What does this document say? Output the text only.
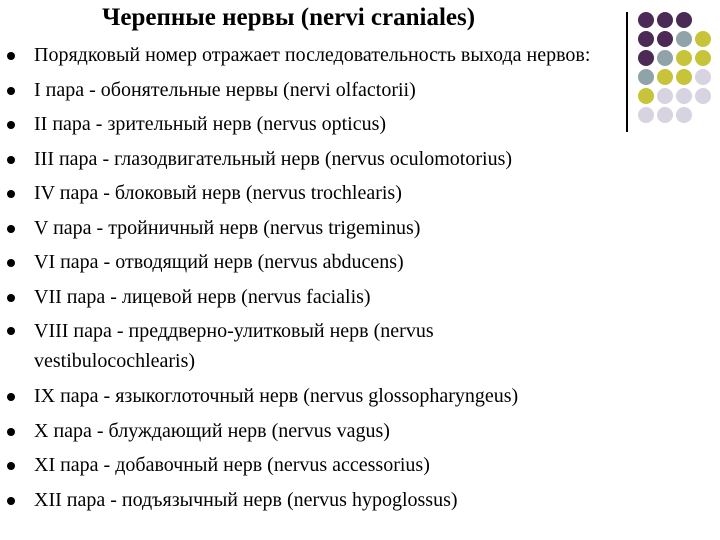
Черепные нервы (nervi craniales)
Порядковый номер отражает последовательность выхода нервов:
I пара - обонятельные нервы (nervi olfactorii)
II пара - зрительный нерв (nervus opticus)
III пара - глазодвигательный нерв (nervus oculomotorius)
IV пара - блоковый нерв (nervus trochlearis)
V пара - тройничный нерв (nervus trigeminus)
VI пара - отводящий нерв (nervus abducens)
VII пара - лицевой нерв (nervus facialis)
VIII пара - преддверно-улитковый нерв (nervus
vestibulocochlearis)
IX пара - языкоглоточный нерв (nervus glossopharyngeus)
X пара - блуждающий нерв (nervus vagus)
XI пара - добавочный нерв (nervus accessorius)
XII пара - подъязычный нерв (nervus hypoglossus)
